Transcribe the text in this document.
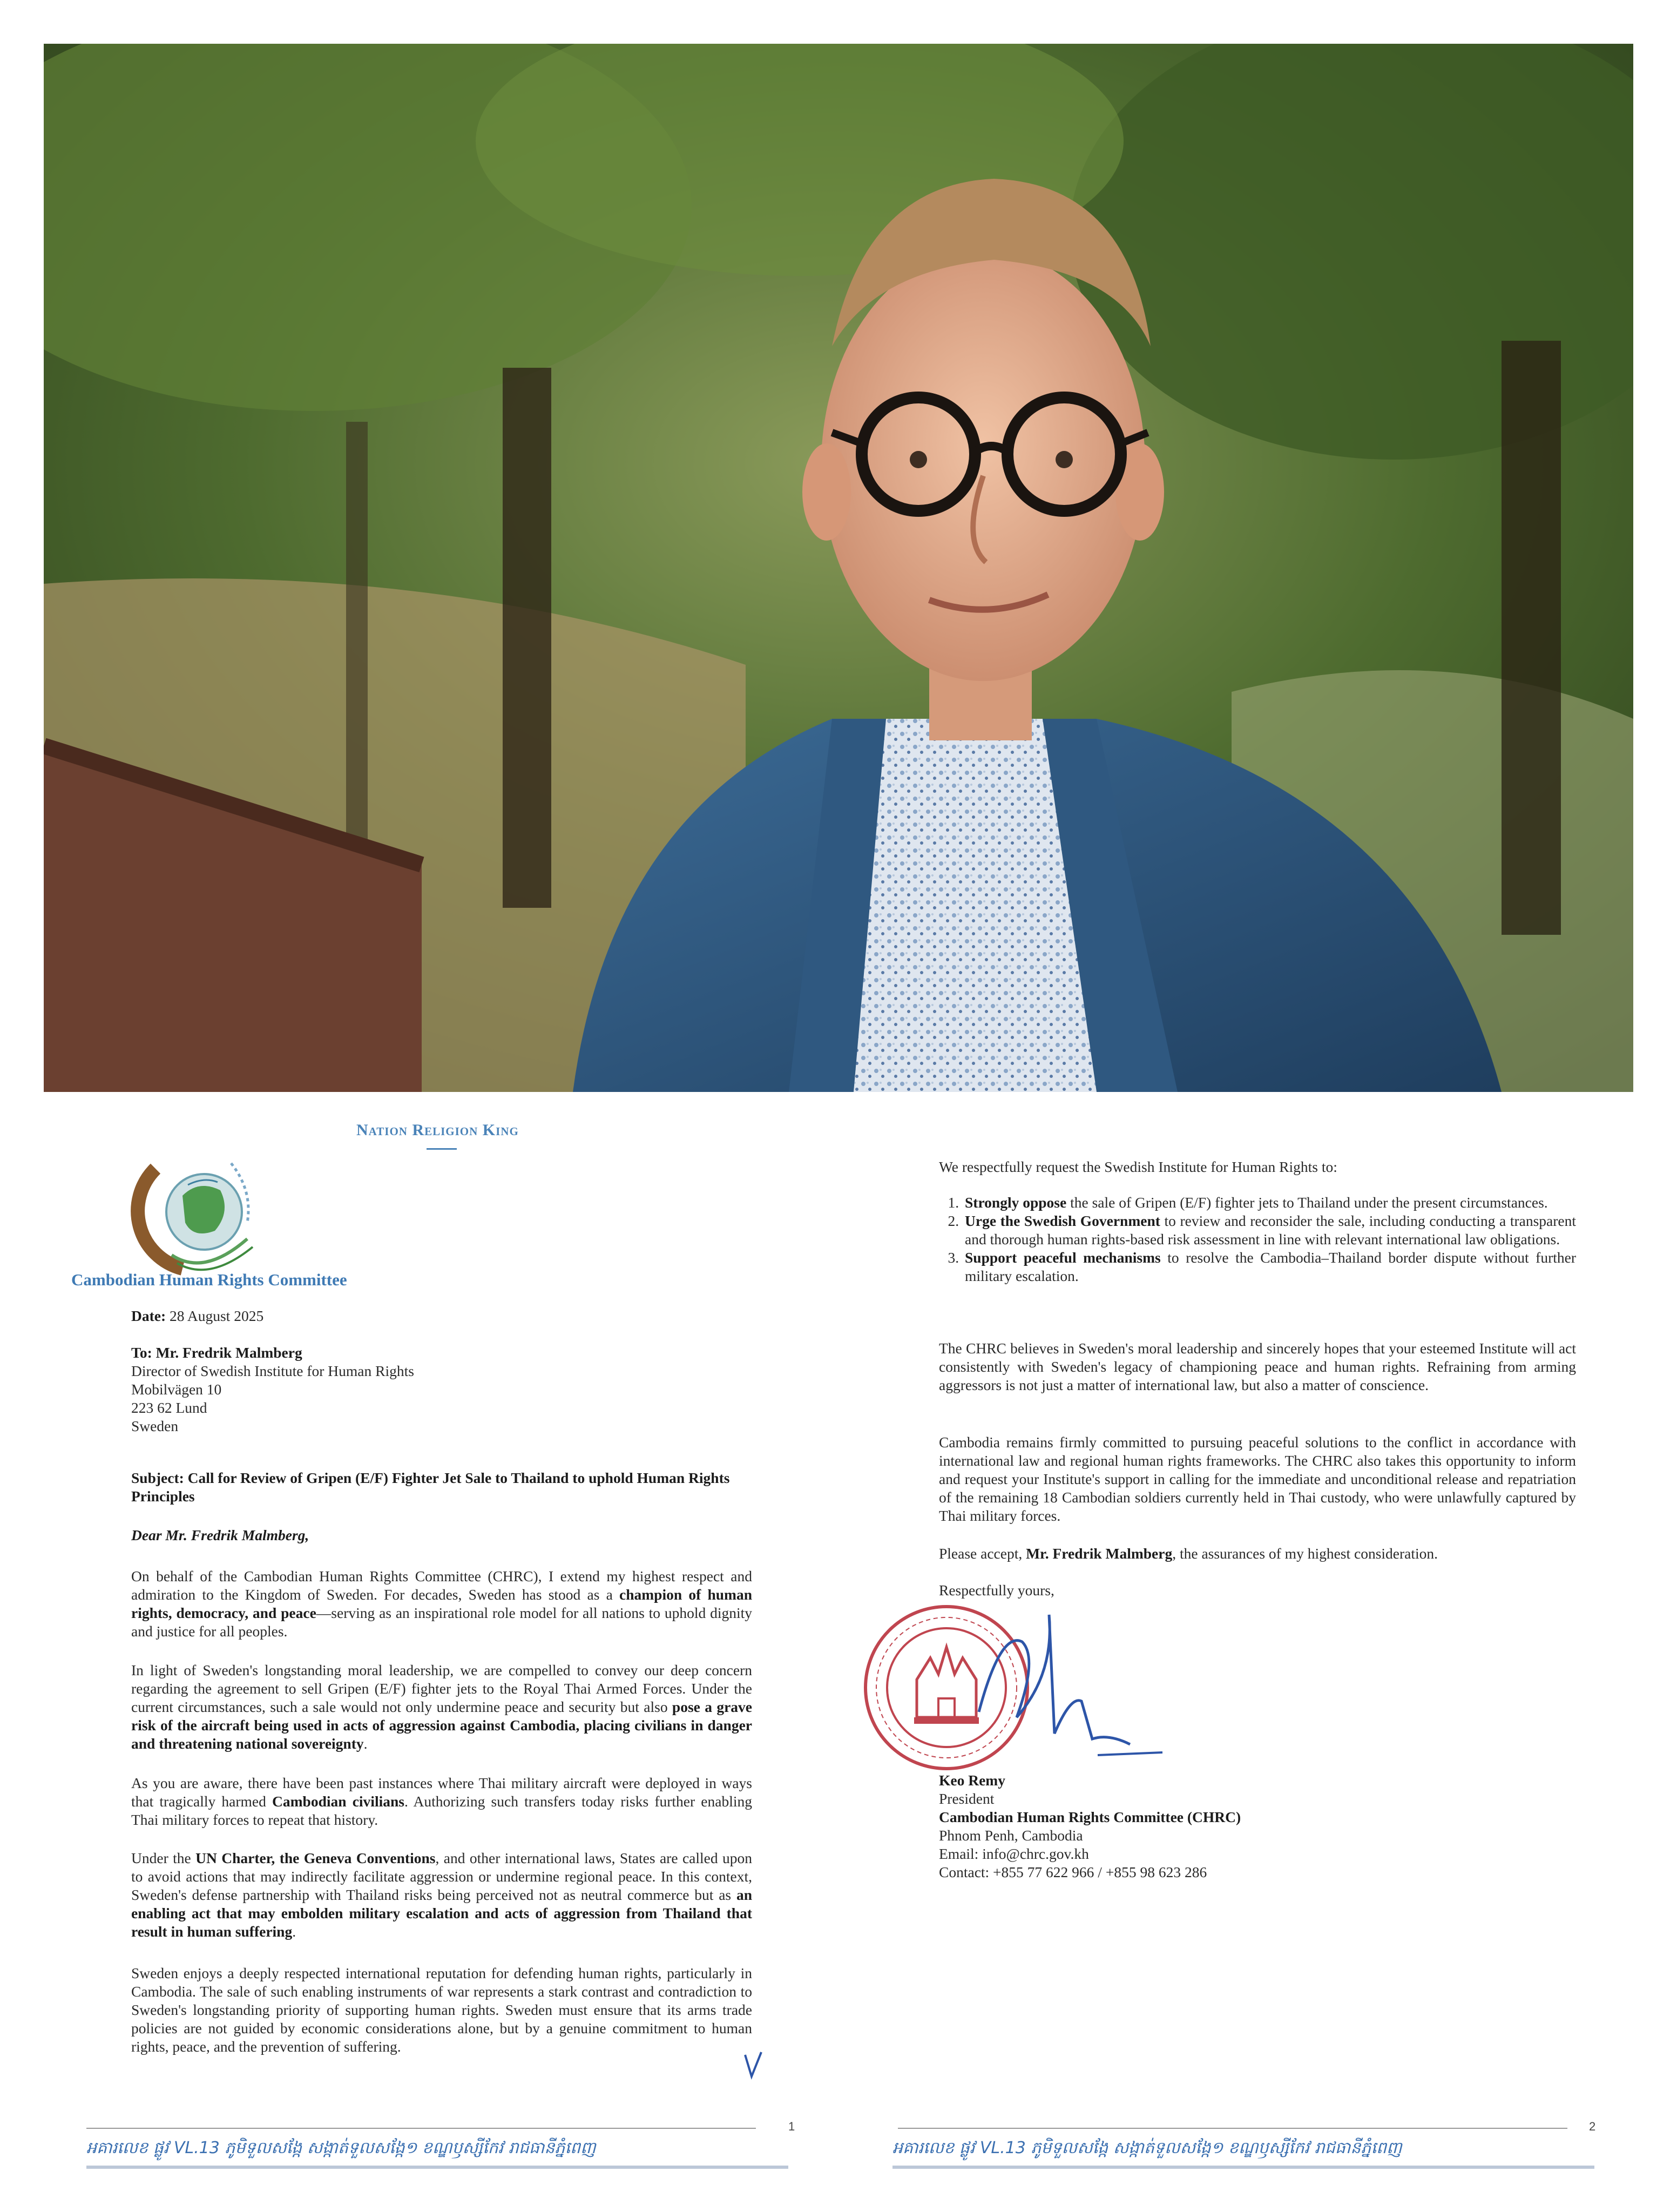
Nation Religion King
Cambodian Human Rights Committee
Date: 28 August 2025
To: Mr. Fredrik Malmberg
Director of Swedish Institute for Human Rights
Mobilvägen 10
223 62 Lund
Sweden
Subject: Call for Review of Gripen (E/F) Fighter Jet Sale to Thailand to uphold Human Rights Principles
Dear Mr. Fredrik Malmberg,
On behalf of the Cambodian Human Rights Committee (CHRC), I extend my highest respect and admiration to the Kingdom of Sweden. For decades, Sweden has stood as a champion of human rights, democracy, and peace—serving as an inspirational role model for all nations to uphold dignity and justice for all peoples.
In light of Sweden's longstanding moral leadership, we are compelled to convey our deep concern regarding the agreement to sell Gripen (E/F) fighter jets to the Royal Thai Armed Forces. Under the current circumstances, such a sale would not only undermine peace and security but also pose a grave risk of the aircraft being used in acts of aggression against Cambodia, placing civilians in danger and threatening national sovereignty.
As you are aware, there have been past instances where Thai military aircraft were deployed in ways that tragically harmed Cambodian civilians. Authorizing such transfers today risks further enabling Thai military forces to repeat that history.
Under the UN Charter, the Geneva Conventions, and other international laws, States are called upon to avoid actions that may indirectly facilitate aggression or undermine regional peace. In this context, Sweden's defense partnership with Thailand risks being perceived not as neutral commerce but as an enabling act that may embolden military escalation and acts of aggression from Thailand that result in human suffering.
Sweden enjoys a deeply respected international reputation for defending human rights, particularly in Cambodia. The sale of such enabling instruments of war represents a stark contrast and contradiction to Sweden's longstanding priority of supporting human rights. Sweden must ensure that its arms trade policies are not guided by economic considerations alone, but by a genuine commitment to human rights, peace, and the prevention of suffering.
1
អគារលេខ ផ្លូវ VL.13 ភូមិទួលសង្កែ សង្កាត់ទួលសង្កែ១ ខណ្ឌឫស្សីកែវ រាជធានីភ្នំពេញ
We respectfully request the Swedish Institute for Human Rights to:
1. Strongly oppose the sale of Gripen (E/F) fighter jets to Thailand under the present circumstances.
2. Urge the Swedish Government to review and reconsider the sale, including conducting a transparent and thorough human rights-based risk assessment in line with relevant international law obligations.
3. Support peaceful mechanisms to resolve the Cambodia–Thailand border dispute without further military escalation.
The CHRC believes in Sweden's moral leadership and sincerely hopes that your esteemed Institute will act consistently with Sweden's legacy of championing peace and human rights. Refraining from arming aggressors is not just a matter of international law, but also a matter of conscience.
Cambodia remains firmly committed to pursuing peaceful solutions to the conflict in accordance with international law and regional human rights frameworks. The CHRC also takes this opportunity to inform and request your Institute's support in calling for the immediate and unconditional release and repatriation of the remaining 18 Cambodian soldiers currently held in Thai custody, who were unlawfully captured by Thai military forces.
Please accept, Mr. Fredrik Malmberg, the assurances of my highest consideration.
Respectfully yours,
Keo Remy
President
Cambodian Human Rights Committee (CHRC)
Phnom Penh, Cambodia
Email: info@chrc.gov.kh
Contact: +855 77 622 966 / +855 98 623 286
2
អគារលេខ ផ្លូវ VL.13 ភូមិទួលសង្កែ សង្កាត់ទួលសង្កែ១ ខណ្ឌឫស្សីកែវ រាជធានីភ្នំពេញ
